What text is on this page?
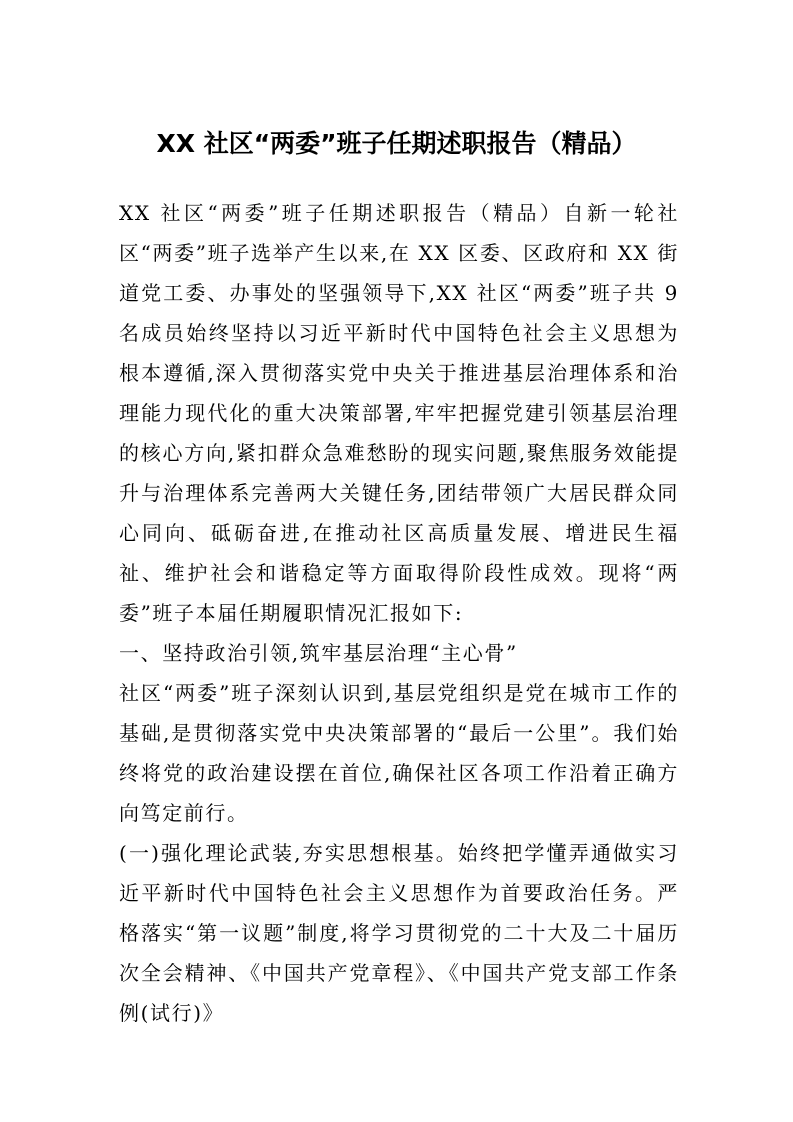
XX 社区“两委”班子任期述职报告（精品）

XX 社区“两委”班子任期述职报告（精品）自新一轮社区“两委”班子选举产生以来,在 XX 区委、区政府和 XX 街道党工委、办事处的坚强领导下,XX 社区“两委”班子共 9 名成员始终坚持以习近平新时代中国特色社会主义思想为根本遵循,深入贯彻落实党中央关于推进基层治理体系和治理能力现代化的重大决策部署,牢牢把握党建引领基层治理的核心方向,紧扣群众急难愁盼的现实问题,聚焦服务效能提升与治理体系完善两大关键任务,团结带领广大居民群众同心同向、砥砺奋进,在推动社区高质量发展、增进民生福祉、维护社会和谐稳定等方面取得阶段性成效。现将“两委”班子本届任期履职情况汇报如下:

一、坚持政治引领,筑牢基层治理“主心骨”

社区“两委”班子深刻认识到,基层党组织是党在城市工作的基础,是贯彻落实党中央决策部署的“最后一公里”。我们始终将党的政治建设摆在首位,确保社区各项工作沿着正确方向笃定前行。

(一)强化理论武装,夯实思想根基。始终把学懂弄通做实习近平新时代中国特色社会主义思想作为首要政治任务。严格落实“第一议题”制度,将学习贯彻党的二十大及二十届历次全会精神、《中国共产党章程》、《中国共产党支部工作条例(试行)》
